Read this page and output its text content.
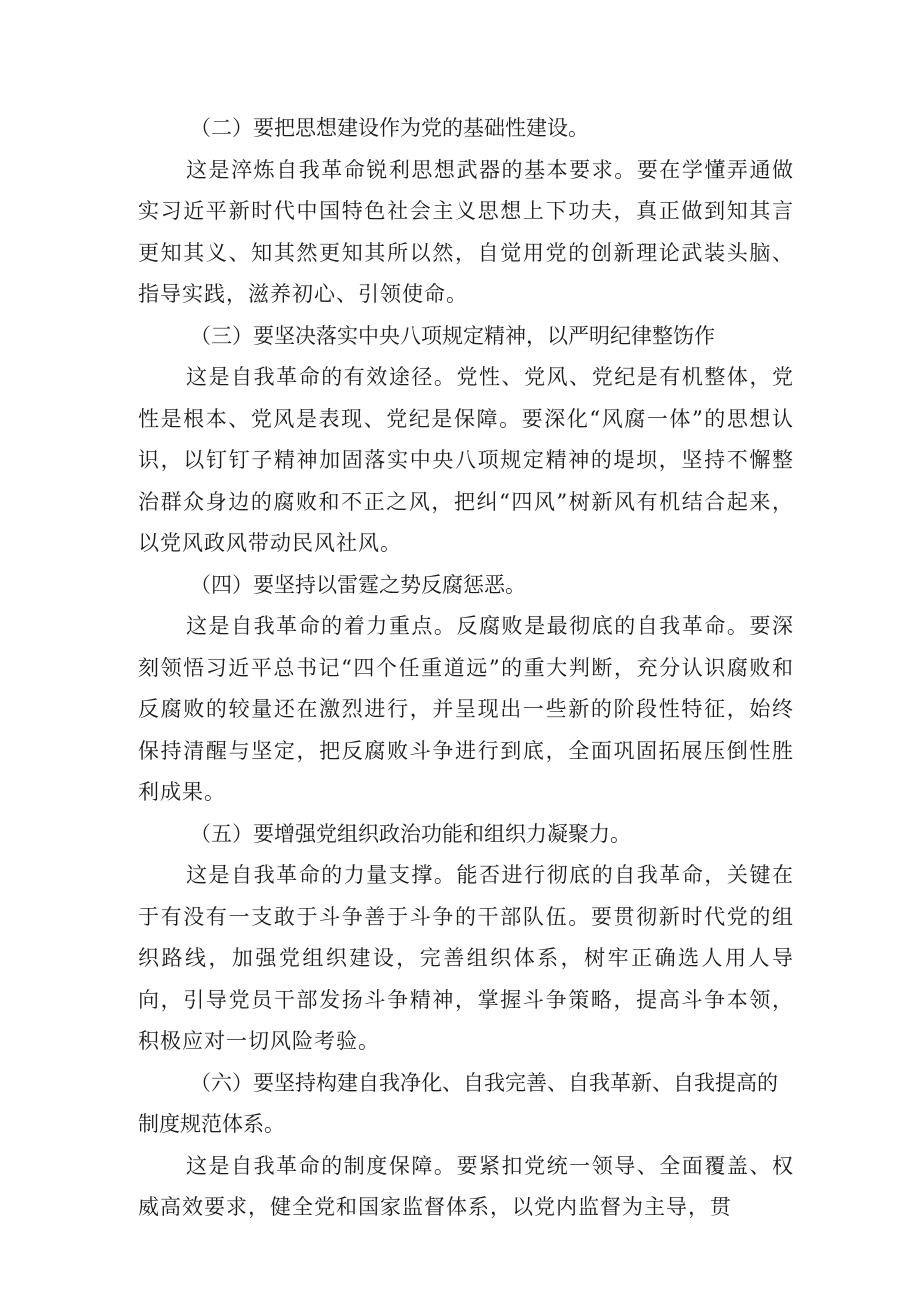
（二）要把思想建设作为党的基础性建设。

这是淬炼自我革命锐利思想武器的基本要求。要在学懂弄通做实习近平新时代中国特色社会主义思想上下功夫，真正做到知其言更知其义、知其然更知其所以然，自觉用党的创新理论武装头脑、指导实践，滋养初心、引领使命。

（三）要坚决落实中央八项规定精神，以严明纪律整饬作

这是自我革命的有效途径。党性、党风、党纪是有机整体，党性是根本、党风是表现、党纪是保障。要深化“风腐一体”的思想认识，以钉钉子精神加固落实中央八项规定精神的堤坝，坚持不懈整治群众身边的腐败和不正之风，把纠“四风”树新风有机结合起来，以党风政风带动民风社风。

（四）要坚持以雷霆之势反腐惩恶。

这是自我革命的着力重点。反腐败是最彻底的自我革命。要深刻领悟习近平总书记“四个任重道远”的重大判断，充分认识腐败和反腐败的较量还在激烈进行，并呈现出一些新的阶段性特征，始终保持清醒与坚定，把反腐败斗争进行到底，全面巩固拓展压倒性胜利成果。

（五）要增强党组织政治功能和组织力凝聚力。

这是自我革命的力量支撑。能否进行彻底的自我革命，关键在于有没有一支敢于斗争善于斗争的干部队伍。要贯彻新时代党的组织路线，加强党组织建设，完善组织体系，树牢正确选人用人导向，引导党员干部发扬斗争精神，掌握斗争策略，提高斗争本领，积极应对一切风险考验。

（六）要坚持构建自我净化、自我完善、自我革新、自我提高的制度规范体系。

这是自我革命的制度保障。要紧扣党统一领导、全面覆盖、权威高效要求，健全党和国家监督体系，以党内监督为主导，贯
